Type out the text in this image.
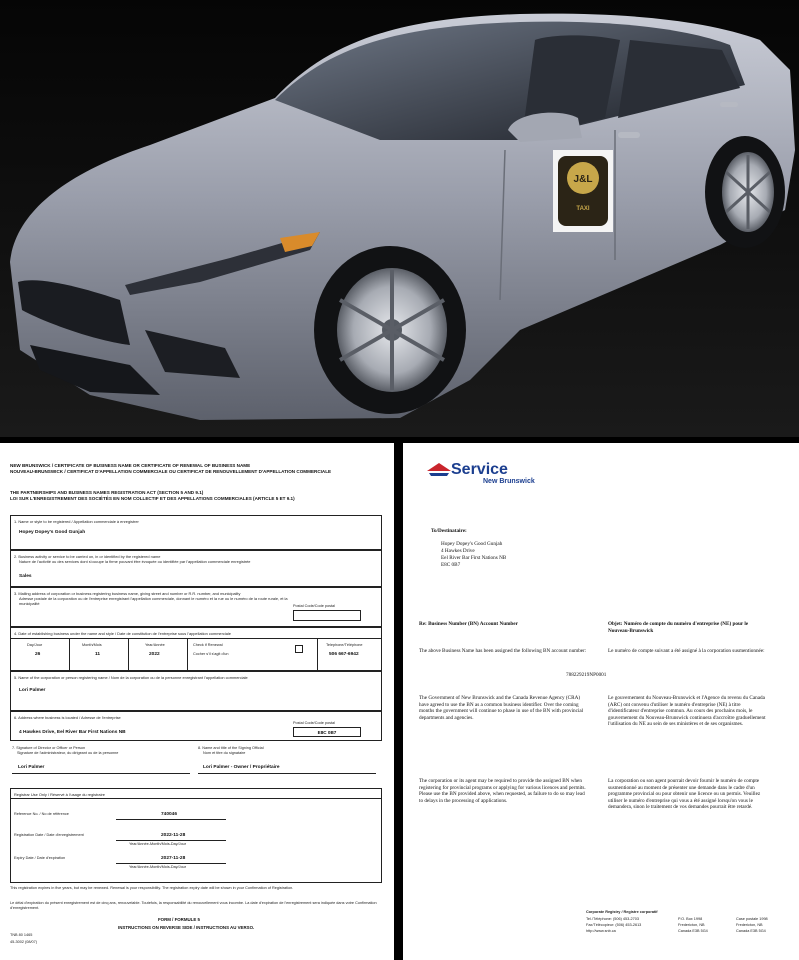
J&L
TAXI
NEW BRUNSWICK / CERTIFICATE OF BUSINESS NAME OR CERTIFICATE OF RENEWAL OF BUSINESS NAME
NOUVEAU-BRUNSWICK / CERTIFICAT D'APPELLATION COMMERCIALE OU CERTIFICAT DE RENOUVELLEMENT D'APPELLATION COMMERCIALE
THE PARTNERSHIPS AND BUSINESS NAMES REGISTRATION ACT (SECTION 5 AND 9.1)
LOI SUR L'ENREGISTREMENT DES SOCIÉTÉS EN NOM COLLECTIF ET DES APPELLATIONS COMMERCIALES (ARTICLE 5 ET 9.1)
1. Name or style to be registered / Appellation commerciale à enregistrer
Hopey Dopey's Good Gunjah
2. Business activity or service to be carried on, in or identified by the registered name
Nature de l'activité ou des services dont s'occupe la firme pouvant être évoquée ou identifiée par l'appellation commerciale enregistrée
Sales
3. Mailing address of corporation or business registering business name, giving street and number or R.R. number, and municipality
Adresse postale de la corporation ou de l'entreprise enregistrant l'appellation commerciale, donnant le numéro et la rue ou le numéro de la route rurale, et la municipalité	Postal Code/Code postal
4. Date of establishing business under the name and style / Date de constitution de l'entreprise sous l'appellation commerciale
Day/Jour
26
Month/Mois
11
Year/Année
2022
Check if Renewal
Cocher s'il s'agit d'un
Telephone/Téléphone
506 667-6942
5. Name of the corporation or person registering name / Nom de la corporation ou de la personne enregistrant l'appellation commerciale
Lori Palmer
6. Address where business is located / Adresse de l'entreprise
Postal Code/Code postal
4 Hawkes Drive, Eel River Bar First Nations NB	E8C 0B7
7. Signature of Director or Officer or Person
Signature de l'administrateur, du dirigeant ou de la personne
Lori Palmer
8. Name and title of the Signing Official
Nom et titre du signataire
Lori Palmer - Owner / Propriétaire
Registrar Use Only / Réservé à l'usage du registraire
Reference No. / No de référence	740046
Registration Date / Date d'enregistrement	2022-11-28
Year/Année-Month/Mois-Day/Jour
Expiry Date / Date d'expiration	2027-11-28
Year/Année-Month/Mois-Day/Jour
This registration expires in five years, but may be renewed. Renewal is your responsibility. The registration expiry date will be shown in your Confirmation of Registration.
Le délai d'expiration du présent enregistrement est de cinq ans, renouvelable. Toutefois, la responsabilité du renouvellement vous incombe. La date d'expiration de l'enregistrement sera indiquée dans votre Confirmation d'enregistrement.
FORM / FORMULE 5
INSTRUCTIONS ON REVERSE SIDE / INSTRUCTIONS AU VERSO.
TNB 80 1465
45-3002 (08/07)
Service
New Brunswick
To/Destinataire:
Hopey Dopey's Good Gunjah
4 Hawkes Drive
Eel River Bar First Nations NB
E8C 0B7
Re: Business Number (BN) Account Number	Objet: Numéro de compte du numéro d'entreprise (NE) pour le Nouveau-Brunswick
The above Business Name has been assigned the following BN account number:	Le numéro de compte suivant a été assigné à la corporation susmentionnée:
788229219NP0001
The Government of New Brunswick and the Canada Revenue Agency (CRA) have agreed to use the BN as a common business identifier. Over the coming months the government will continue to phase in use of the BN with provincial departments and agencies.
Le gouvernement du Nouveau-Brunswick et l'Agence du revenu du Canada (ARC) ont convenu d'utiliser le numéro d'entreprise (NE) à titre d'identificateur d'entreprise commun. Au cours des prochains mois, le gouvernement du Nouveau-Brunswick continuera d'accroître graduellement l'utilisation du NE au sein de ses ministères et de ses organismes.
The corporation or its agent may be required to provide the assigned BN when registering for provincial programs or applying for various licences and permits. Please use the BN provided above, when requested, as failure to do so may lead to delays in the processing of applications.
La corporation ou son agent pourrait devoir fournir le numéro de compte susmentionné au moment de présenter une demande dans le cadre d'un programme provincial ou pour obtenir une licence ou un permis. Veuillez utiliser le numéro d'entreprise qui vous a été assigné lorsqu'on vous le demandera, sinon le traitement de vos demandes pourrait être retardé.
Corporate Registry / Registre corporatif
Tel./Téléphone: (506) 453-2703
Fax/Télécopieur: (506) 453-2613
http://www.snb.ca
P.O. Box 1998
Fredericton, NB
Canada E3B 5G4
Case postale 1998
Fredericton, NB
Canada E3B 5G4
